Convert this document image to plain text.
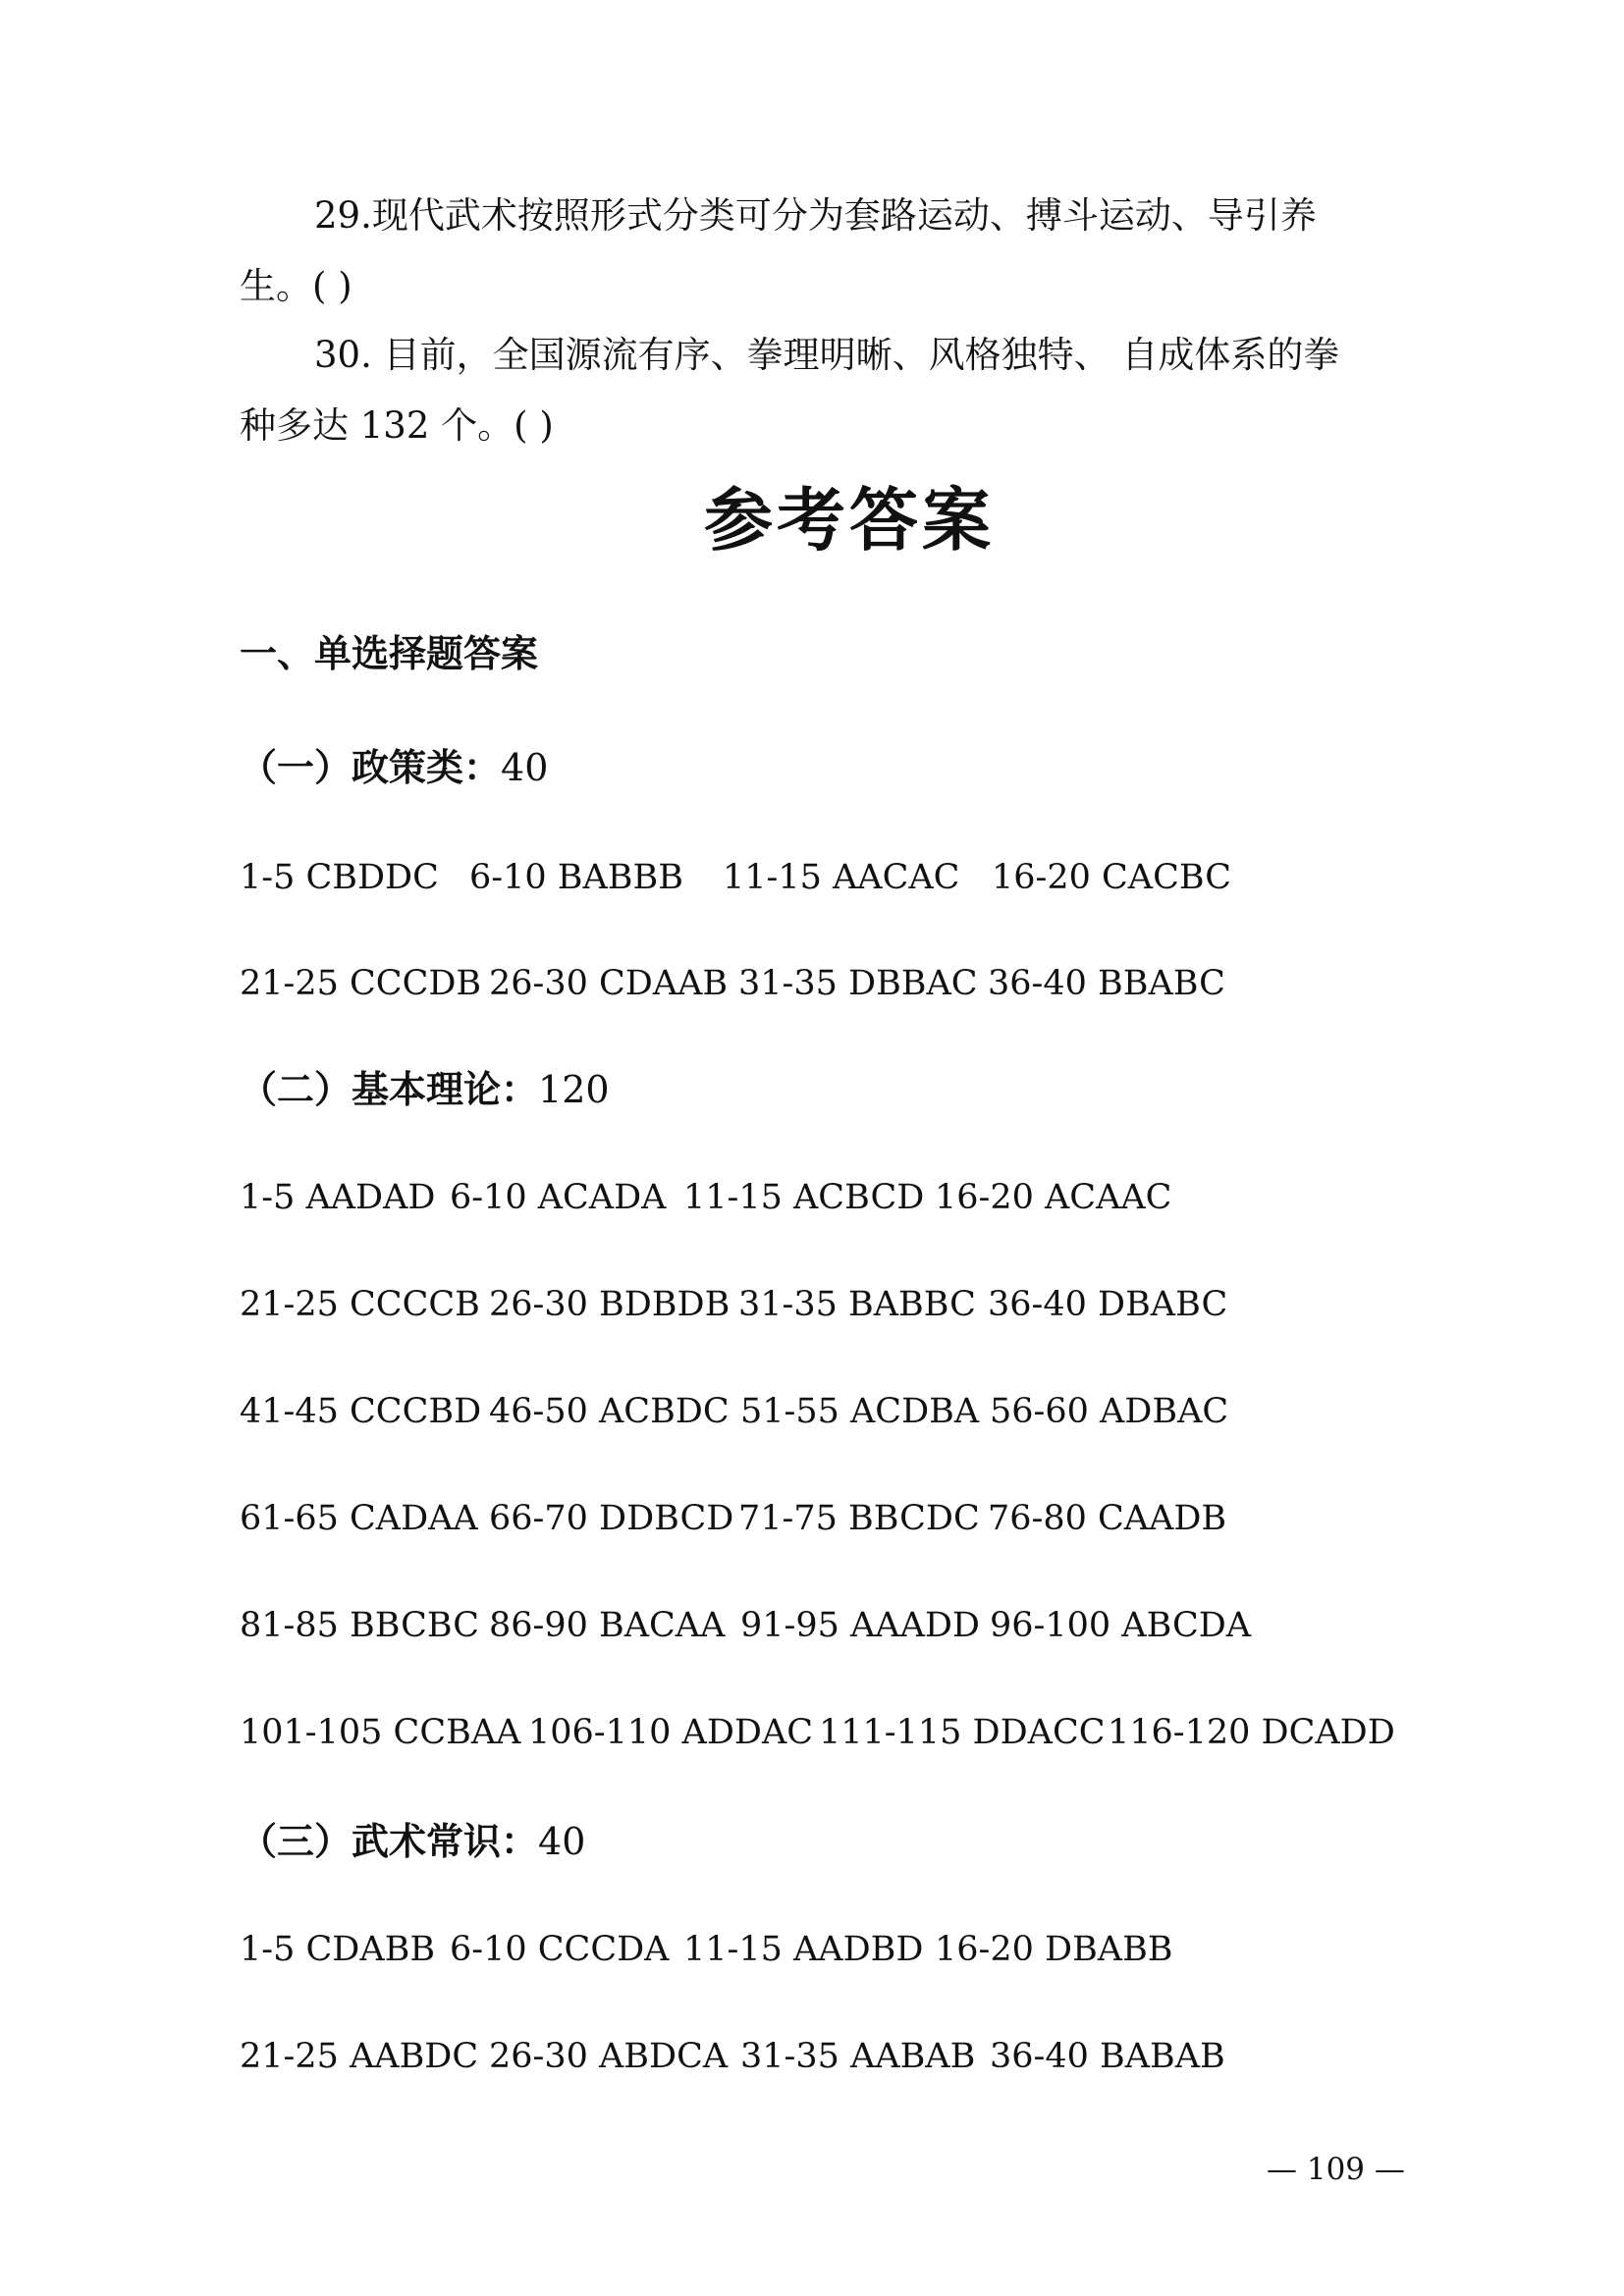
29.现代武术按照形式分类可分为套路运动、搏斗运动、导引养
生。( )
30. 目前，全国源流有序、拳理明晰、风格独特、 自成体系的拳
种多达 132 个。( )
参考答案
一、单选择题答案
（一）政策类：40
1-5 CBDDC 6-10 BABBB 11-15 AACAC 16-20 CACBC
21-25 CCCDB 26-30 CDAAB 31-35 DBBAC 36-40 BBABC
（二）基本理论：120
1-5 AADAD 6-10 ACADA 11-15 ACBCD 16-20 ACAAC
21-25 CCCCB 26-30 BDBDB 31-35 BABBC 36-40 DBABC
41-45 CCCBD 46-50 ACBDC 51-55 ACDBA 56-60 ADBAC
61-65 CADAA 66-70 DDBCD 71-75 BBCDC 76-80 CAADB
81-85 BBCBC 86-90 BACAA 91-95 AAADD 96-100 ABCDA
101-105 CCBAA 106-110 ADDAC 111-115 DDACC 116-120 DCADD
（三）武术常识：40
1-5 CDABB 6-10 CCCDA 11-15 AADBD 16-20 DBABB
21-25 AABDC 26-30 ABDCA 31-35 AABAB 36-40 BABAB
— 109 —
